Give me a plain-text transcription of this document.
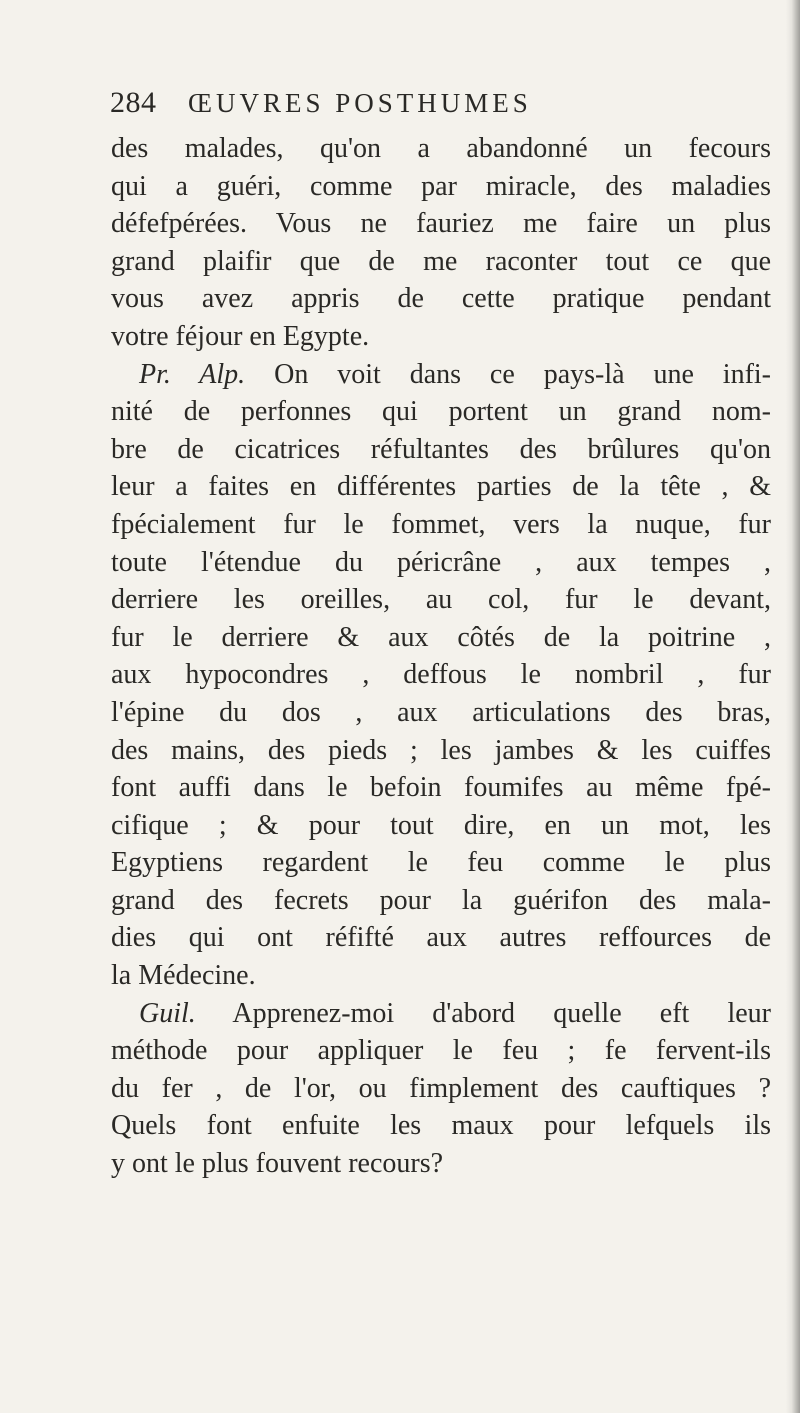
284	ŒUVRES POSTHUMES
des malades, qu'on a abandonné un fecours
qui a guéri, comme par miracle, des maladies
défefpérées. Vous ne fauriez me faire un plus
grand plaifir que de me raconter tout ce que
vous avez appris de cette pratique pendant
votre féjour en Egypte.
Pr. Alp. On voit dans ce pays-là une infi-
nité de perfonnes qui portent un grand nom-
bre de cicatrices réfultantes des brûlures qu'on
leur a faites en différentes parties de la tête , &
fpécialement fur le fommet, vers la nuque, fur
toute l'étendue du péricrâne , aux tempes ,
derriere les oreilles, au col, fur le devant,
fur le derriere & aux côtés de la poitrine ,
aux hypocondres , deffous le nombril , fur
l'épine du dos , aux articulations des bras,
des mains, des pieds ; les jambes & les cuiffes
font auffi dans le befoin foumifes au même fpé-
cifique ; & pour tout dire, en un mot, les
Egyptiens regardent le feu comme le plus
grand des fecrets pour la guérifon des mala-
dies qui ont réfifté aux autres reffources de
la Médecine.
Guil. Apprenez-moi d'abord quelle eft leur
méthode pour appliquer le feu ; fe fervent-ils
du fer , de l'or, ou fimplement des cauftiques ?
Quels font enfuite les maux pour lefquels ils
y ont le plus fouvent recours?
